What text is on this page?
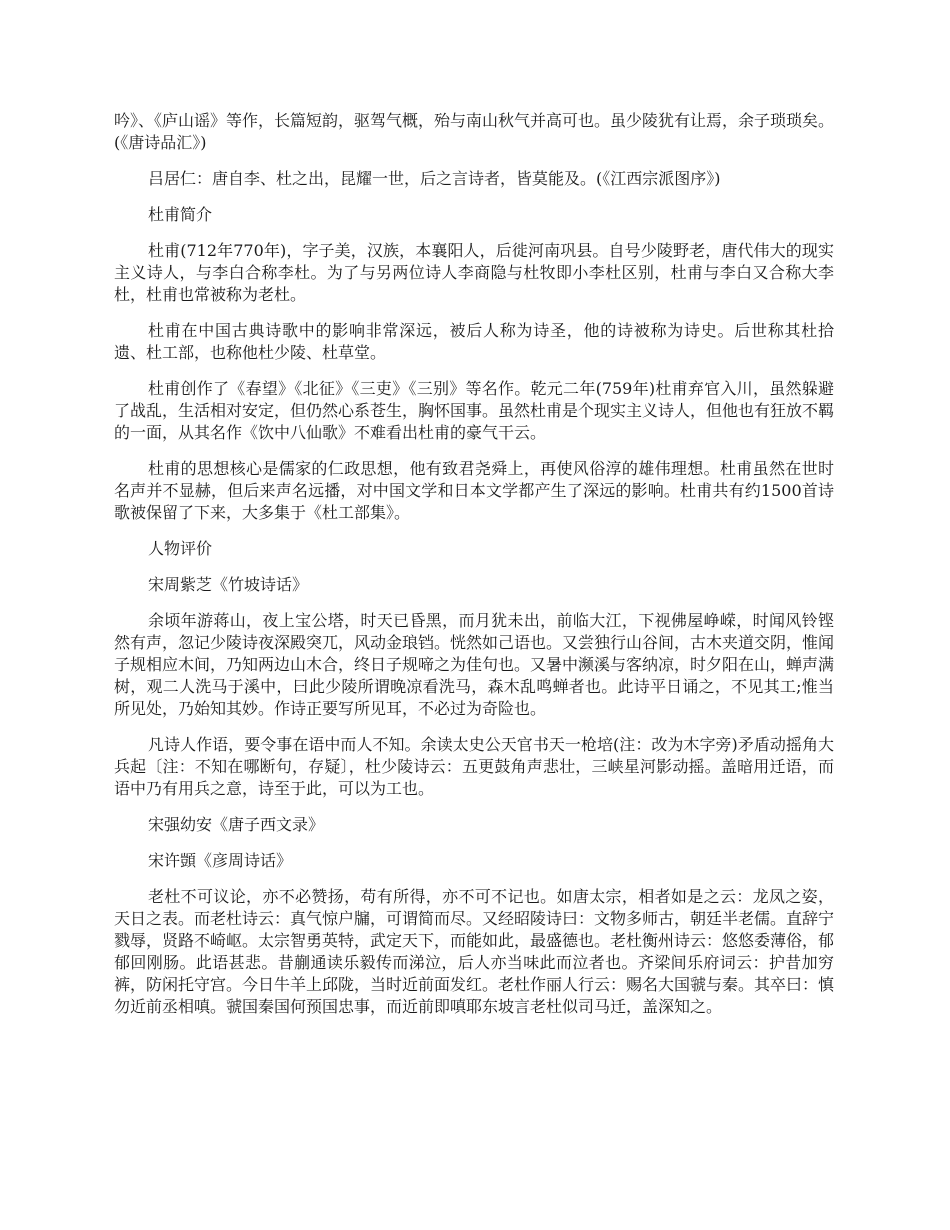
吟》、《庐山谣》等作，长篇短韵，驱驾气概，殆与南山秋气并高可也。虽少陵犹有让焉，余子琐琐矣。(《唐诗品汇》)

吕居仁：唐自李、杜之出，昆耀一世，后之言诗者，皆莫能及。(《江西宗派图序》)

杜甫简介

杜甫(712年770年)，字子美，汉族，本襄阳人，后徙河南巩县。自号少陵野老，唐代伟大的现实主义诗人，与李白合称李杜。为了与另两位诗人李商隐与杜牧即小李杜区别，杜甫与李白又合称大李杜，杜甫也常被称为老杜。

杜甫在中国古典诗歌中的影响非常深远，被后人称为诗圣，他的诗被称为诗史。后世称其杜拾遗、杜工部，也称他杜少陵、杜草堂。

杜甫创作了《春望》《北征》《三吏》《三别》等名作。乾元二年(759年)杜甫弃官入川，虽然躲避了战乱，生活相对安定，但仍然心系苍生，胸怀国事。虽然杜甫是个现实主义诗人，但他也有狂放不羁的一面，从其名作《饮中八仙歌》不难看出杜甫的豪气干云。

杜甫的思想核心是儒家的仁政思想，他有致君尧舜上，再使风俗淳的雄伟理想。杜甫虽然在世时名声并不显赫，但后来声名远播，对中国文学和日本文学都产生了深远的影响。杜甫共有约1500首诗歌被保留了下来，大多集于《杜工部集》。

人物评价

宋周紫芝《竹坡诗话》

余顷年游蒋山，夜上宝公塔，时天已昏黑，而月犹未出，前临大江，下视佛屋峥嵘，时闻风铃铿然有声，忽记少陵诗夜深殿突兀，风动金琅铛。恍然如己语也。又尝独行山谷间，古木夹道交阴，惟闻子规相应木间，乃知两边山木合，终日子规啼之为佳句也。又暑中濒溪与客纳凉，时夕阳在山，蝉声满树，观二人洗马于溪中，曰此少陵所谓晚凉看洗马，森木乱鸣蝉者也。此诗平日诵之，不见其工;惟当所见处，乃始知其妙。作诗正要写所见耳，不必过为奇险也。

凡诗人作语，要令事在语中而人不知。余读太史公天官书天一枪培(注：改为木字旁)矛盾动摇角大兵起〔注：不知在哪断句，存疑〕，杜少陵诗云：五更鼓角声悲壮，三峡星河影动摇。盖暗用迁语，而语中乃有用兵之意，诗至于此，可以为工也。

宋强幼安《唐子西文录》

宋许顗《彦周诗话》

老杜不可议论，亦不必赞扬，苟有所得，亦不可不记也。如唐太宗，相者如是之云：龙凤之姿，天日之表。而老杜诗云：真气惊户牖，可谓简而尽。又经昭陵诗曰：文物多师古，朝廷半老儒。直辞宁戮辱，贤路不崎岖。太宗智勇英特，武定天下，而能如此，最盛德也。老杜衡州诗云：悠悠委薄俗，郁郁回刚肠。此语甚悲。昔蒯通读乐毅传而涕泣，后人亦当味此而泣者也。齐梁间乐府词云：护昔加穷裤，防闲托守宫。今日牛羊上邱陇，当时近前面发红。老杜作丽人行云：赐名大国虢与秦。其卒曰：慎勿近前丞相嗔。虢国秦国何预国忠事，而近前即嗔耶东坡言老杜似司马迁，盖深知之。
